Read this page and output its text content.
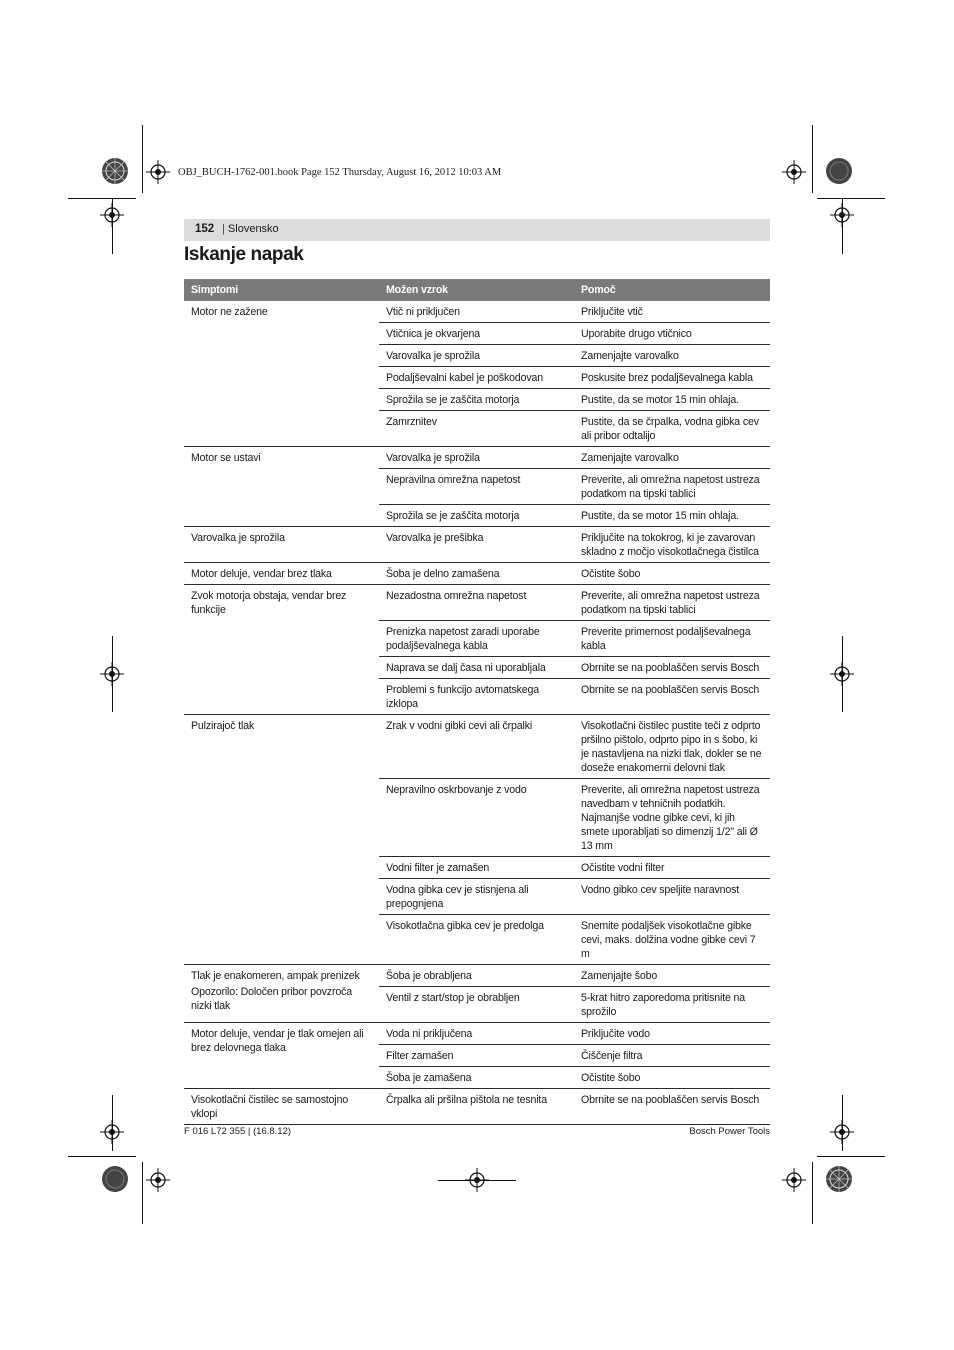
OBJ_BUCH-1762-001.book Page 152 Thursday, August 16, 2012 10:03 AM
152	| Slovensko
Iskanje napak
Simptomi	Možen vzrok	Pomoč

Motor ne zažene	Vtič ni priključen	Priključite vtič
	Vtičnica je okvarjena	Uporabite drugo vtičnico
	Varovalka je sprožila	Zamenjajte varovalko
	Podaljševalni kabel je poškodovan	Poskusite brez podaljševalnega kabla
	Sprožila se je zaščita motorja	Pustite, da se motor 15 min ohlaja.
	Zamrznitev	Pustite, da se črpalka, vodna gibka cev ali pribor odtalijo

Motor se ustavi	Varovalka je sprožila	Zamenjajte varovalko
	Nepravilna omrežna napetost	Preverite, ali omrežna napetost ustreza podatkom na tipski tablici
	Sprožila se je zaščita motorja	Pustite, da se motor 15 min ohlaja.

Varovalka je sprožila	Varovalka je prešibka	Priključite na tokokrog, ki je zavarovan skladno z močjo visokotlačnega čistilca

Motor deluje, vendar brez tlaka	Šoba je delno zamašena	Očistite šobo

Zvok motorja obstaja, vendar brez funkcije	Nezadostna omrežna napetost	Preverite, ali omrežna napetost ustreza podatkom na tipski tablici
	Prenizka napetost zaradi uporabe podaljševalnega kabla	Preverite primernost podaljševalnega kabla
	Naprava se dalj časa ni uporabljala	Obrnite se na pooblaščen servis Bosch
	Problemi s funkcijo avtomatskega izklopa	Obrnite se na pooblaščen servis Bosch

Pulzirajoč tlak	Zrak v vodni gibki cevi ali črpalki	Visokotlačni čistilec pustite teči z odprto pršilno pištolo, odprto pipo in s šobo, ki je nastavljena na nizki tlak, dokler se ne doseže enakomerni delovni tlak
	Nepravilno oskrbovanje z vodo	Preverite, ali omrežna napetost ustreza navedbam v tehničnih podatkih. Najmanjše vodne gibke cevi, ki jih smete uporabljati so dimenzij 1/2" ali Ø 13 mm
	Vodni filter je zamašen	Očistite vodni filter
	Vodna gibka cev je stisnjena ali prepognjena	Vodno gibko cev speljite naravnost
	Visokotlačna gibka cev je predolga	Snemite podaljšek visokotlačne gibke cevi, maks. dolžina vodne gibke cevi 7 m

Tlak je enakomeren, ampak prenizek
Opozorilo: Določen pribor povzroča nizki tlak	Šoba je obrabljena	Zamenjajte šobo
	Ventil z start/stop je obrabljen	5-krat hitro zaporedoma pritisnite na sprožilo

Motor deluje, vendar je tlak omejen ali brez delovnega tlaka	Voda ni priključena	Priključite vodo
	Filter zamašen	Čiščenje filtra
	Šoba je zamašena	Očistite šobo

Visokotlačni čistilec se samostojno vklopi	Črpalka ali pršilna pištola ne tesnita	Obrnite se na pooblaščen servis Bosch
F 016 L72 355 | (16.8.12)	Bosch Power Tools
